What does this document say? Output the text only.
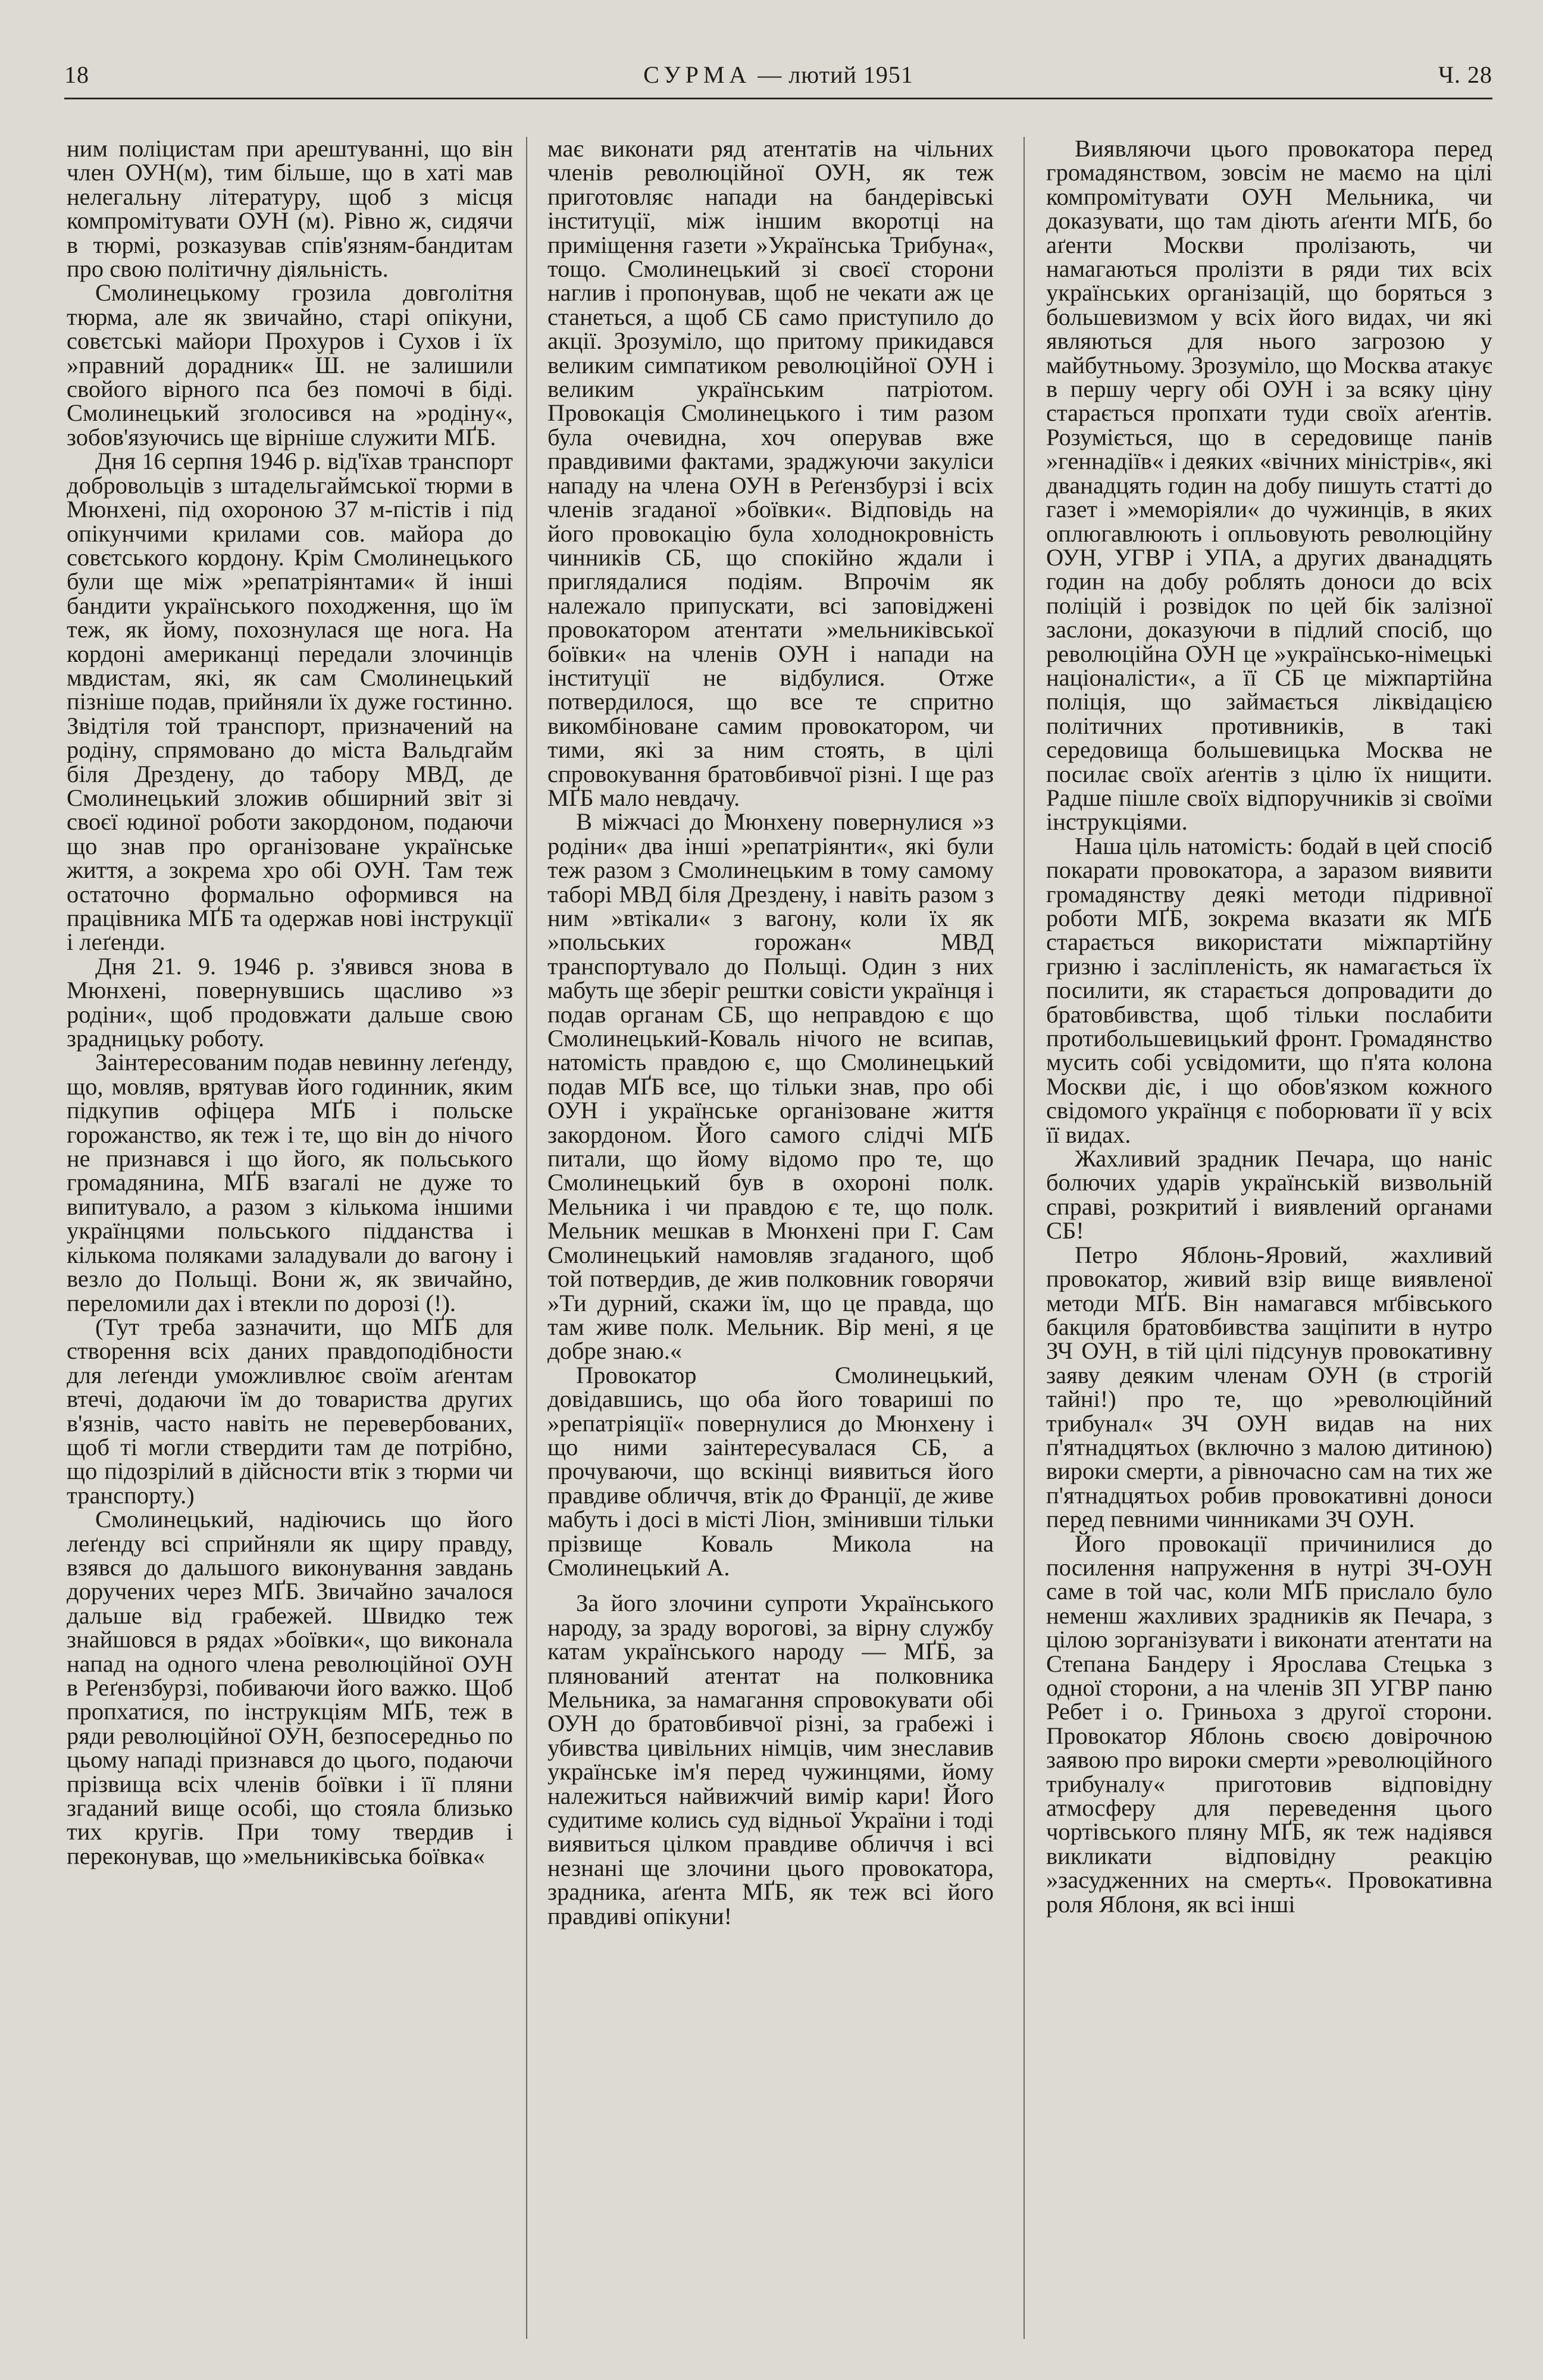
18	СУРМА — лютий 1951	Ч. 28

ним поліцистам при арештуванні, що він член ОУН(м), тим більше, що в хаті мав нелегальну літературу, щоб з місця компромітувати ОУН (м). Рівно ж, сидячи в тюрмі, розказував спів'язням-бандитам про свою політичну діяльність.

Смолинецькому грозила довголітня тюрма, але як звичайно, старі опікуни, совєтські майори Прохуров і Сухов і їх »правний дорадник« Ш. не залишили свойого вірного пса без помочі в біді. Смолинецький зголосився на »родіну«, зобов'язуючись ще вірніше служити МҐБ.

Дня 16 серпня 1946 р. від'їхав транспорт добровольців з штадельгаймської тюрми в Мюнхені, під охороною 37 м-пістів і під опікунчими крилами сов. майора до совєтського кордону. Крім Смолинецького були ще між »репатріянтами« й інші бандити українського походження, що їм теж, як йому, похознулася ще нога. На кордоні американці передали злочинців мвдистам, які, як сам Смолинецький пізніше подав, прийняли їх дуже гостинно. Звідтіля той транспорт, призначений на родіну, спрямовано до міста Вальдгайм біля Дрездену, до табору МВД, де Смолинецький зложив обширний звіт зі своєї юдиної роботи закордоном, подаючи що знав про організоване українське життя, а зокрема хро обі ОУН. Там теж остаточно формально оформився на працівника МҐБ та одержав нові інструкції і леґенди.

Дня 21. 9. 1946 р. з'явився знова в Мюнхені, повернувшись щасливо »з родіни«, щоб продовжати дальше свою зрадницьку роботу.

Заінтересованим подав невинну леґенду, що, мовляв, врятував його годинник, яким підкупив офіцера МҐБ і польске горожанство, як теж і те, що він до нічого не признався і що його, як польського громадянина, МҐБ взагалі не дуже то випитувало, а разом з кількома іншими українцями польського підданства і кількома поляками заладували до вагону і везло до Польщі. Вони ж, як звичайно, переломили дах і втекли по дорозі (!).

(Тут треба зазначити, що МҐБ для створення всіх даних правдоподібности для леґенди уможливлює своїм аґентам втечі, додаючи їм до товариства других в'язнів, часто навіть не перевербованих, щоб ті могли ствердити там де потрібно, що підозрілий в дійсности втік з тюрми чи транспорту.)

Смолинецький, надіючись що його леґенду всі сприйняли як щиру правду, взявся до дальшого виконування завдань доручених через МҐБ. Звичайно зачалося дальше від грабежей. Швидко теж знайшовся в рядах »боївки«, що виконала напад на одного члена революційної ОУН в Реґензбурзі, побиваючи його важко. Щоб пропхатися, по інструкціям МҐБ, теж в ряди революційної ОУН, безпосередньо по цьому нападі признався до цього, подаючи прізвища всіх членів боївки і її пляни згаданий вище особі, що стояла близько тих кругів. При тому твердив і переконував, що »мельниківська боївка«

має виконати ряд атентатів на чільних членів революційної ОУН, як теж приготовляє напади на бандерівські інституції, між іншим вкоротці на приміщення газети »Українська Трибуна«, тощо. Смолинецький зі своєї сторони наглив і пропонував, щоб не чекати аж це станеться, а щоб СБ само приступило до акції. Зрозуміло, що притому прикидався великим симпатиком революційної ОУН і великим українським патріотом. Провокація Смолинецького і тим разом була очевидна, хоч оперував вже правдивими фактами, зраджуючи закуліси нападу на члена ОУН в Реґензбурзі і всіх членів згаданої »боївки«. Відповідь на його провокацію була холоднокровність чинників СБ, що спокійно ждали і приглядалися подіям. Впрочім як належало припускати, всі заповіджені провокатором атентати »мельниківської боївки« на членів ОУН і напади на інституції не відбулися. Отже потвердилося, що все те спритно викомбіноване самим провокатором, чи тими, які за ним стоять, в цілі спровокування братовбивчої різні. І ще раз МҐБ мало невдачу.

В міжчасі до Мюнхену повернулися »з родіни« два інші »репатріянти«, які були теж разом з Смолинецьким в тому самому таборі МВД біля Дрездену, і навіть разом з ним »втікали« з вагону, коли їх як »польських горожан« МВД транспортувало до Польщі. Один з них мабуть ще зберіг рештки совісти українця і подав органам СБ, що неправдою є що Смолинецький-Коваль нічого не всипав, натомість правдою є, що Смолинецький подав МҐБ все, що тільки знав, про обі ОУН і українське організоване життя закордоном. Його самого слідчі МҐБ питали, що йому відомо про те, що Смолинецький був в охороні полк. Мельника і чи правдою є те, що полк. Мельник мешкав в Мюнхені при Г. Сам Смолинецький намовляв згаданого, щоб той потвердив, де жив полковник говорячи »Ти дурний, скажи їм, що це правда, що там живе полк. Мельник. Вір мені, я це добре знаю.«

Провокатор Смолинецький, довідавшись, що оба його товариші по »репатріяції« повернулися до Мюнхену і що ними заінтересувалася СБ, а прочуваючи, що вскінці виявиться його правдиве обличчя, втік до Франції, де живе мабуть і досі в місті Ліон, змінивши тільки прізвище Коваль Микола на Смолинецький А.

За його злочини супроти Українського народу, за зраду вороговi, за вірну службу катам українського народу — МҐБ, за плянований атентат на полковника Мельника, за намагання спровокувати обі ОУН до братовбивчої різні, за грабежі і убивства цивільних німців, чим знеславив українське ім'я перед чужинцями, йому належиться найвижчий вимір кари! Його судитиме колись суд відньої України і тоді виявиться цілком правдиве обличчя і всі незнані ще злочини цього провокатора, зрадника, аґента МҐБ, як теж всі його правдиві опікуни!

Виявляючи цього провокатора перед громадянством, зовсім не маємо на цілі компромітувати ОУН Мельника, чи доказувати, що там діють аґенти МҐБ, бо аґенти Москви пролізають, чи намагаються пролізти в ряди тих всіх українських організацій, що боряться з большевизмом у всіх його видах, чи які являються для нього загрозою у майбутньому. Зрозуміло, що Москва атакує в першу чергу обі ОУН і за всяку ціну старається пропхати туди своїх аґентів. Розуміється, що в середовище панів »геннадіїв« і деяких «вічних міністрів«, які дванадцять годин на добу пишуть статті до газет і »меморіяли« до чужинців, в яких оплюгавлюють і опльовують революційну ОУН, УГВР і УПА, а других дванадцять годин на добу роблять доноси до всіх поліцій і розвідок по цей бік залізної заслони, доказуючи в підлий спосіб, що революційна ОУН це »українсько-німецькі націоналісти«, а її СБ це міжпартійна поліція, що займається ліквідацією політичних противників, в такі середовища большевицька Москва не посилає своїх аґентів з цілю їх нищити. Радше пішле своїх відпоручників зі своїми інструкціями.

Наша ціль натомість: бодай в цей спосіб покарати провокатора, а заразом виявити громадянству деякі методи підривної роботи МҐБ, зокрема вказати як МҐБ старається використати міжпартійну гризню і засліпленість, як намагається їх посилити, як старається допровадити до братовбивства, щоб тільки послабити протибольшевицький фронт. Громадянство мусить собі усвідомити, що п'ята колона Москви діє, і що обов'язком кожного свідомого українця є поборювати її у всіх її видах.

Жахливий зрадник Печара, що наніс болючих ударів українській визвольній справі, розкритий і виявлений органами СБ!

Петро Яблонь-Яровий, жахливий провокатор, живий взір вище виявленої методи МҐБ. Він намагався мґбівського бакциля братовбивства защіпити в нутро ЗЧ ОУН, в тій цілі підсунув провокативну заяву деяким членам ОУН (в строгій тайні!) про те, що »революційний трибунал« ЗЧ ОУН видав на них п'ятнадцятьох (включно з малою дитиною) вироки смерти, а рівночасно сам на тих же п'ятнадцятьох робив провокативні доноси перед певними чинниками ЗЧ ОУН.

Його провокації причинилися до посилення напруження в нутрі ЗЧ-ОУН саме в той час, коли МҐБ прислало було неменш жахливих зрадників як Печара, з цілою зорганізувати і виконати атентати на Степана Бандеру і Ярослава Стецька з одної сторони, а на членів ЗП УГВР паню Ребет і о. Гриньоха з другої сторони. Провокатор Яблонь своєю довірочною заявою про вироки смерти »революційного трибуналу« приготовив відповідну атмосферу для переведення цього чортівського пляну МҐБ, як теж надіявся викликати відповідну реакцію »засудженних на смерть«. Провокативна роля Яблоня, як всі інші
